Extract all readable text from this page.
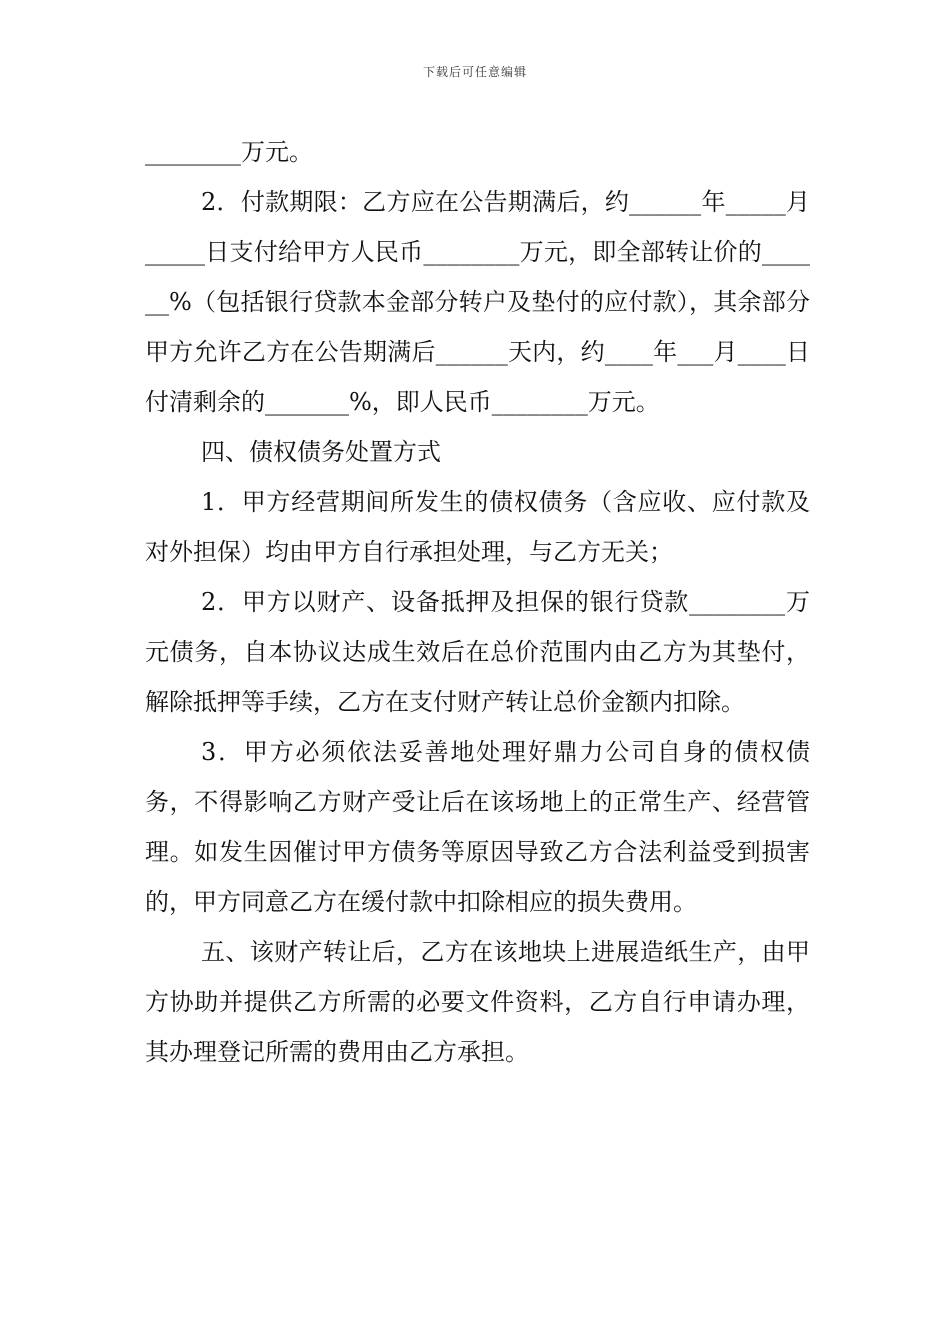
下载后可任意编辑

________万元。

2．付款期限：乙方应在公告期满后，约______年_____月_____日支付给甲方人民币________万元，即全部转让价的______%（包括银行贷款本金部分转户及垫付的应付款），其余部分甲方允许乙方在公告期满后______天内，约____年___月____日付清剩余的_______%，即人民币________万元。

四、债权债务处置方式

1．甲方经营期间所发生的债权债务（含应收、应付款及对外担保）均由甲方自行承担处理，与乙方无关；

2．甲方以财产、设备抵押及担保的银行贷款________万元债务，自本协议达成生效后在总价范围内由乙方为其垫付，解除抵押等手续，乙方在支付财产转让总价金额内扣除。

3．甲方必须依法妥善地处理好鼎力公司自身的债权债务，不得影响乙方财产受让后在该场地上的正常生产、经营管理。如发生因催讨甲方债务等原因导致乙方合法利益受到损害的，甲方同意乙方在缓付款中扣除相应的损失费用。

五、该财产转让后，乙方在该地块上进展造纸生产，由甲方协助并提供乙方所需的必要文件资料，乙方自行申请办理，其办理登记所需的费用由乙方承担。
